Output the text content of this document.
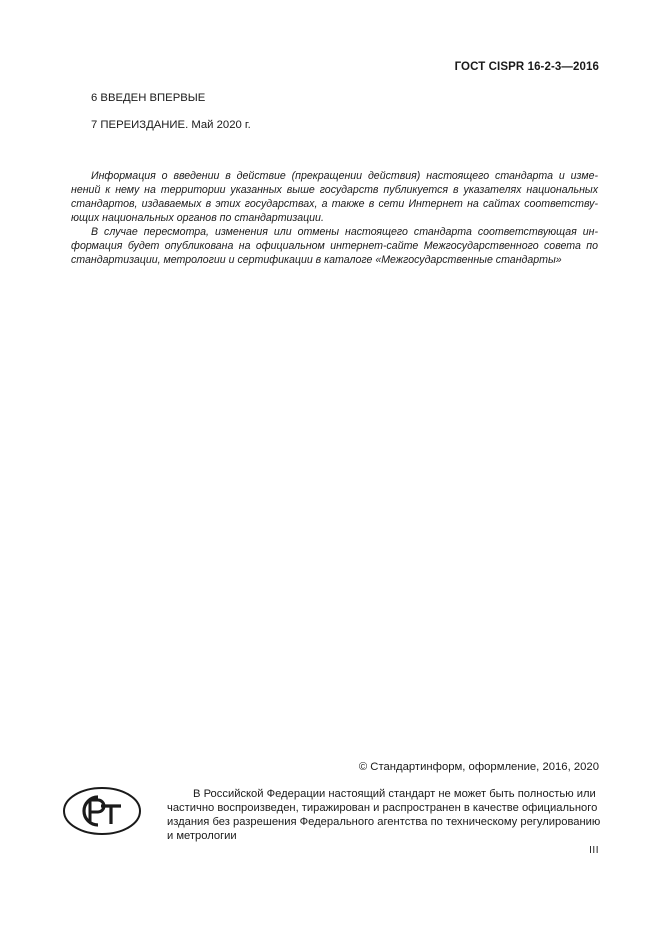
ГОСТ CISPR 16-2-3—2016
6 ВВЕДЕН ВПЕРВЫЕ
7 ПЕРЕИЗДАНИЕ. Май 2020 г.
Информация о введении в действие (прекращении действия) настоящего стандарта и изме-
нений к нему на территории указанных выше государств публикуется в указателях национальных
стандартов, издаваемых в этих государствах, а также в сети Интернет на сайтах соответству-
ющих национальных органов по стандартизации.
В случае пересмотра, изменения или отмены настоящего стандарта соответствующая ин-
формация будет опубликована на официальном интернет-сайте Межгосударственного совета по
стандартизации, метрологии и сертификации в каталоге «Межгосударственные стандарты»
© Стандартинформ, оформление, 2016, 2020
В Российской Федерации настоящий стандарт не может быть полностью или
частично воспроизведен, тиражирован и распространен в качестве официального
издания без разрешения Федерального агентства по техническому регулированию
и метрологии
III
